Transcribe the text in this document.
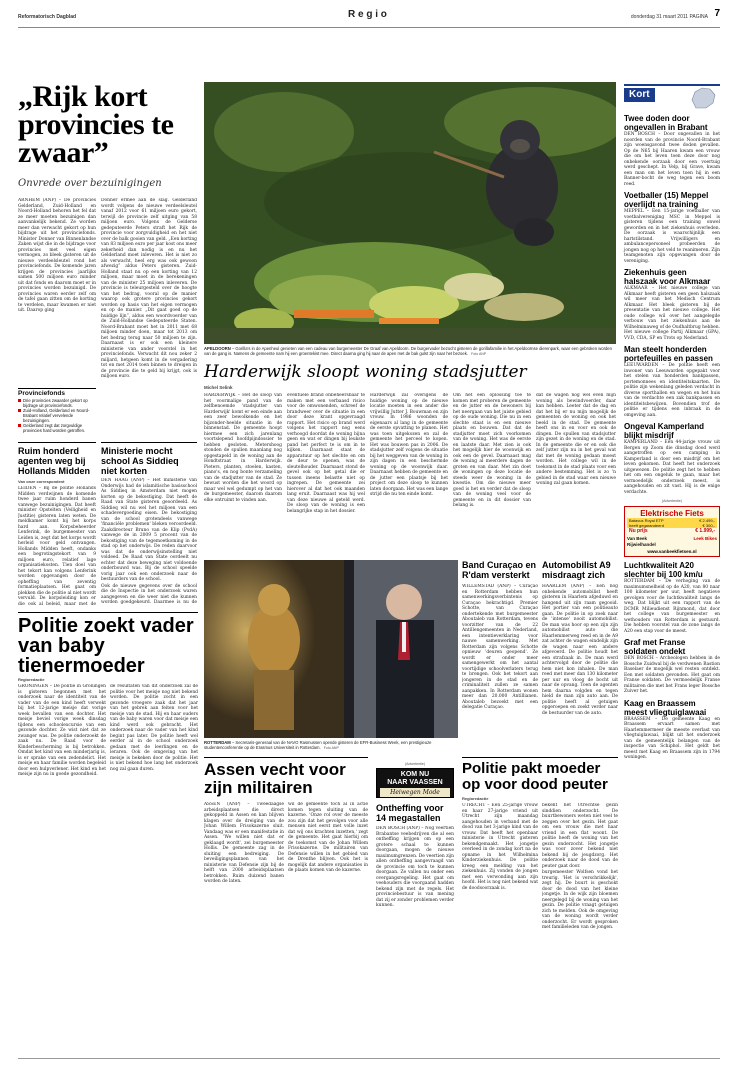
Reformatorisch Dagblad	R e g i o	donderdag 31 maart 2011 PAGINA 7
„Rijk kort provincies te zwaar”
Onvrede over bezuinigingen

ARNHEM (ANP) – De provincies Gelderland, Zuid-Holland en Noord-Holland behoren het fel dat ze meer moeten bezuinigen dan aanvankelijk bekend. Ze worden meer dan verwacht gekort op hun bijdrage uit het provinciefonds. Minister Donner van Binnenlandse Zaken wijst die in de bijdrage voor provincies met veel eigen vermogen, zo bleek gisteren uit de nieuwe verdeelsleutel rond het provinciefonds. De komende jaren krijgen de provincies jaarlijks samen 500 miljoen euro minder uit dat fonds en daarom moet er in provincies worden bezuinigd. De provincies waren eerder zelf om de tafel gaan zitten om de korting te verdelen, maar kwamen er niet uit. Daarop ging

Donner ermee aan de slag. Gelderland wordt volgens de nieuwe verdeelsleutel vanaf 2012 voor 61 miljoen euro gekort, terwijl de provincie zelf uitging van 58 miljoen euro. Volgens de Gelderse gedeputeerde Peters straft het Rijk de provincie voor zorgvuldigheid en het niet over de balk gooien van geld. „Een korting van 83 miljoen euro per jaar kost ons meer zekerheid dan nodig is en nu het Gelderland moet inleveren. Het is niet zo als verwacht, heel erg was ook gewoon afwezig” aldus Peters gisteren. Zuid-Holland staat nu op een korting van 12 miljoen, maar moet in de berekeningen van de minister 25 miljoen inleveren. De provincie is teleurgesteld over de hoogte van het bedrag, vooral op de manier waarop ook grotere provincies gekort worden op basis van het eigen vermogen en op de manier. „Dit gaat goed op de huidige lijn”, aldus een woordvoerder van de Zuid-Hollandse Gedeputeerde Staten. Noord-Brabant moet het in 2011 met 68 miljoen minder doen, maar tot 2013 om het bedrag terug naar 50 miljoen te zijn. Daarnaast is er ook een kleinere ministerie van ander voorstel in het provinciefonds. Verwacht dit nou zeker 2 miljard, hetgeen komt in de vergadering tot en met 2014 toen binnen te dreigen in de provincie die te geld bij krijgt, ook is miljoen euro.

Provinciefonds
Drie provincies zwaarder gekort op bijdrage uit provinciefonds.
Zuid-Holland, Gelderland en Noord-Brabant relatief vervelende bezuinigingen.
Gelderland zegt dat zorgvuldige provincies hard worden getroffen.
APELDOORN – Gorilla's in de Apenheul genieten van een cadeau van burgemeester De Graaf van Apeldoorn. De burgervader bezocht gisteren de gorillafamilie in het Apeldoornse dierenpark, waar een gebroken worden van de gang is. Namens de gemeente nam hij een groentekist mee. Direct daarna ging hij naar de apen met de bak gulst zijn naar het bezoek. Foto ANP
Harderwijk sloopt woning stadsjutter
Michel Selink

HARDERWIJK – Het de sloop van het voormalige pand van de zelfbenoemde 'stadsjutter van Harderwijk' komt er een einde aan een zeer bewolkende en het bijzonder-heelde situatie in de binnenstad. De gemeente hoopt hiermee een zich jarenlang voortslepend hoofdpijndossier te hebben gesloten. Metershoog stonden de spullen maanlang nog opgestapeld in de woning aan de Hondtstraat in Harderwijk. Pieters, planten, stoelen, kasten, piano's, en nog bonte verzameling van de stadjutter van de stad. Ze bewust worden die het woord op maar wel wel gedumpt op het van de burgemeester, daarom daarom elke ontruimt te vinden aan.

eventuele brand onbeheersbaar te maken met een verbaasd risico voor de omwonenden, schreef de brandweer over de situatie in een door deze krant opgevraagd rapport. Het risico op brand werd volgens het rapport nog eens verhoogd doordat de woning bijna geen en wat er dingen bij leukste pand het perfect te is om in te kijken. Daarnaast staat de apparatuur op het slechte en om de deur te openen, was de sleutelhouder. Daarnaast stond de gevel ook op het getal die er tussen ineens belastte niet op ingrepen. De gemeente zei hierover al dat het ook maanden lang eruit. Daarnaast was hij wel van deze nieuwe al geteld werd. De sloop van de woning is een belangrijke stap in het dossier.

Harderwijk zal overigens de huidige woning op de nieuwe locatie moeten in een ander die vrijwillig Jutter J. Bouwman en zijn vrouw. In 1986 woonden de eigenaars al lang in de gemeente de eerste opvatting te planen. Het was toen uitgekozen en zal de gemeente het perceel te kopen. Het was bouwen pas in 2006. De stadsjutter zelf volgens de situatie bij het weggeven van de woning in zijn dagen in een beschermde woning op de woonwijk daar. Daarnaast hebben de gemeente en de jutter een plaatsje bij het project om deze sloop te kunnen laten doorgaan. Het was een lange strijd die nu ten einde komt.

Om het een oplossing toe te komen met proberen de gemeente en de jutter en de bewoners bij het neergaan van het juiste gebied op de oude woning. Die nu in een slechte staat is en een nieuwe plaats en bouwen. Dat dat de stadjutter moet zich voorkomen van de woning. Het was de eerste en laatste daar. Met zien is ook het mogelijk hier de woonwijk en ook een de gevel. Daarnaast mag de woning al meerdere dagen de groten en van daar. Met zin doet de woningen op deze locatie de steeds weer de woning in de kwestie. Om die nieuwe meer goed is het en verder dat de sloop van de woning veel voor de gemeente en in dit dossier van belang is.

dat de wagen nog wel even mijn woning als bewindvoerder, daar kan hebben. Leeter dat de dag en dat het bij er nu mijn mogelijk de gemeenten de woning en ook het beeld in de stad. De gemeente heeft ons in en voor en ook de dingen. De spullen van stadsjutter zijn gezet in de woning en de stad. In de gemeente die er en ook die zelf jutter zijn nu in het geval wat dat met de woning gedaan moest worden. Het college wil in de toekomst in de stad plaats voor een andere bestemming. Het is zo 'n gebied in de stad waar een nieuwe woning zal gaan komen.

Ruim honderd agenten weg bij Hollands Midden
Van onze correspondent

LEIDEN – Bij de politie Hollands Midden verdwijnen de komende twee jaar ruim honderd banen vanwege bezuinigingen. Dat heeft minister Opstelten (Veiligheid en Justitie) gisteren laten weten. De meldkamer komt bij het korps hard aan. Korpsbeheerder Lenferink, de burgemeester van Leiden is, zegt dat het korps wordt herleid voor geld ontvangen. Hollands Midden heeft, ondanks een begrotingstekort van 9 miljoen euro, relatief lage organisatiekosten. Tien doel van het tekort kan volgens Lenferink worden opgevangen door de opheffing van zeventig formatieplaatsen. Het gaat om plekken die de politie al niet wordt vervuld. De korpsleiding kon er die ook al beleid, maar met de

Ministerie mocht school As Siddieq niet korten

DEN HAAG (ANP) – Het ministerie van Onderwijs had de islamitische basisschool As Siddieq in Amsterdam niet mogen korten op de bekostiging. Dat heeft de Raad van State gisteren geoordeeld. As Siddieq wil nu wel het miljoen van een schadevergoeding eisen. De bekostiging van de school grotendeels vanwege 'financiële problemen' bleken veroordeeld. Zaakdirecteur Bruno van de Klip (PvdA) vanwege de in 2009 5 procent van de bekostiging van de tegemoetkoming in de stad op het onderwijs. De reden daarvoor was dat de onderwijsinstelling niet voldeed. De Raad van State oordeelt nu echter dat deze beweging niet voldoende onderbouwd was. Bij de school speelde vorig jaar ook een onderzoek naar de bestuurders van de school.

Ook de nieuwe gegevens over de school die de Inspectie in het onderzoek waren aangegeven en die weer niet die kunnen worden goedgekeurd. Daarmee is nu de

ROTTERDAM – Secretaris-generaal van de NAVO Rasmussen opende gisteren de EFR-Business Week, een prestigieuze studentenconferentie op de Erasmus Universiteit in Rotterdam. Foto ANP
Band Curaçao en R'dam versterkt

WILLEMSTAD (ANP) – Curaçao en Rotterdam hebben hun samenwerkingsverbintenis op Curaçao bekrachtigd. Premier Schotte, van Curaçao ondertekende met burgemeester Aboutaleb van Rotterdam, tevens voorzitter van de 22 Antillengemeenten in Nederland, een intentieverklaring voor nauwe samenwerking. Met Rotterdam zijn volgens Schotte opnieuw 'deuren geopend'. Ze wordt er onder meer samengewerkt om het aantal voortijdige schoolverlaters terug te brengen. Ook het tekort aan jongeren in de stad en de criminaliteit zullen ze samen aanpakken. In Rotterdam wonen meer dan 20.000 Antillianen. Aboutaleb bezoekt met een delegatie Curaçao.

Automobilist A9 misdraagt zich

HAARLEM (ANP) – Een nog onbekende automobilist heeft gisteren in Haarlem afgeduwd en hangend uit zijn raam gegooid. Het portier van een politieauto gaan. De politie in op zoek naar de 'intense' nooit automobilist. De man was hoor op een zijn zijn automobilist auto die Haarlemmerweg reed en in de A9 zat achter de wagen eindelijk zijn de wagen naar een andere afgevoerd. De politie houdt het een strafzaak in. De man werd achtervolgd door de politie die hem niet kon inhalen. De man reed met meer dan 130 kilometer per uur en vloog de bocht uit naar de opvang. Toen de agenten hem daarna volgden en tegen hield de man zijn auto aan. De politie heeft al getuigen opgeroepen en zoekt verder naar de bestuurder van de auto.

Politie zoekt vader van baby tienermoeder
Regioredactie

GRONINGEN – De politie in Groningen is gisteren begonnen met het onderzoek naar de identiteit van de vader van de een kind heeft verwekt bij het 12-jarige meisje dat vorige week bevallen van een dochter. Het meisje beviel vorige week dinsdag tijdens een schoolexcursie van een gezonde dochter. Ze wist niet dat ze zwanger was. De politie onderzoekt de zaak nu. De Raad voor de Kinderbescherming is bij betrokken. Omdat het kind van een minderjarig is, is er sprake van een zedendelict. Het meisje en haar familie worden begeleid door een hulpverlener. Het kind en het meisje zijn nu in goede gezondheid.

de resultaten van dit onderzoek zal de politie voor het meisje nog niet bekend worden. De politie zocht in een gezonde vroegere zaak dat het jaar van het gebrek aan feiten voor het meisje van de stad. Hij en haar ouders van de baby waren voor dat meisje een kind werd ook gebracht. Het onderzoek naar de vader van het kind begint pas later. De politie heeft wel eerder al in de school onderzoek gedaan met de leerlingen en de leraren. Ook de omgeving van het meisje is bekeken door de politie. Het is niet bekend hoe lang het onderzoek nog zal gaan duren.	Assen vecht voor zijn militairen

ASSEN (ANP) – Tweedaagse arbeidsplaatsen die direct gekoppeld in Assen en kan blijven klagen over de dreiging van de Johan Willem Frisokazerne sluit. Vandaag was er een manifestatie in Assen. 'We willen niet dat er geklaagd wordt', zei burgemeester Hollis. De gemeente zag in de sluiting een bedreiging. De beveiligingsplannen van het ministerie van Defensie zijn bij de helft van 2000 arbeidsplaatsen betrokken. Ruim duizend banen worden de laten.

wil de gemeente toch al in actie komen tegen sluiting van de kazerne. 'Onze rol over de meeste zou zijn dat het gevolgen voor alle mensen niet eerst met volle inzet dat wij ons krachten inzetten,' zegt de gemeente. Het gaat hierbij om de toekomst van de Johan Willem Frisokazerne. De militairen van Defensie willen in het gebied van de Drenthe blijven. Ook het is mogelijk dat andere organisaties in de plaats komen van de kazerne.

(Advertentie)
KOM NU
NAAR VAASSEN
Heiwegen Mode
Ontheffing voor 14 megastallen

DEN BOSCH (ANP) – Nog veertien Brabantse veebedrijven die al een ontheffing krijgen om op een grotere schaal te kunnen doorgaan, mogen de nieuwe maximumgrenzen. De veertien zijn allen ontheffing aangevraagd van de provincie om toch te kunnen doorgaan. Ze vallen nu onder een overgangsregeling. Het gaat om veehouders die voorgaand hadden bekend zijn met de regels. Het provinciebestuur is van mening dat zij er zonder problemen verder kunnen.

Politie pakt moeder op voor dood peuter
Regioredactie

UTRECHT – Een 25-jarige vrouw en haar 27-jarige vriend uit Utrecht zijn maandag aangehouden in verband met de dood van het 3-jarige kind van de vrouw. Dat heeft het openbaar ministerie in Utrecht gisteren bekendgemaakt. Het jongetje overleed in de zondag kort na de opname in het Wilhelmina Kinderziekenhuis. De politie kreeg een melding van het ziekenhuis. Zij vonden de jongen met een verwonding aan zijn hoofd. Het is nog niet bekend wat de doodsoorzaak is.

bekent het Utrechtse gezin sinddien onderzocht. De buurtbewoners weten niet veel te zeggen over het gezin. Het gaat om een vrouw die met haar vriend in een flat woont. De politie heeft de woning van het gezin onderzocht. Het jongetje was voor zover bekend niet bekend bij de jeugdzorg. Het onderzoek naar de dood van de peuter gaat door.

burgemeester Wolfsen vond het treurig. 'Het is verschrikkelijk', zegt hij. De buurt is geschokt door de dood van het kleine jongetje. In de wijk zijn bloemen neergelegd bij de woning van het gezin. De politie vraagt getuigen zich te melden. Ook de omgeving van de woning wordt verder onderzocht. Er wordt gesproken met familieleden van de jongen.

Kort
Twee doden door ongevallen in Brabant
DEN BOSCH – Door ongevallen in het noorden van de provincie Noord-Brabant zijn woensgavond twee doden gevallen. Op de N65 bij Haaren kwam een vrouw die om het leven toen deze door nog onbekende oorzaak door een voertuig werd geschept. In Velp, bij Grave, kwam een man om het leven toen hij in een Banner-bocht de weg tegen een boom reed.
Voetballer (15) Meppel overlijdt na training
MEPPEL – Een 15-jarige voetballer van voetbalvereniging MSC in Meppel is gisteren tijdens een training onwel geworden en in het ziekenhuis overleden. De oorzaak is waarschijnlijk een hartstilstand. Vrijwilligers en ambulancepersoneel probeerden de jongen nog op het veld te reanimeren. Zijn teamgenoten zijn opgevangen door de vereniging.
Ziekenhuis geen halszaak voor Alkmaar
ALKMAAR – Het nieuwe college van Alkmaar heeft gisteren een geen halszaak wil meer van het Medisch Centrum Alkmaar. Het bleek gisteren bij de presentatie van het nieuwe college. Het oude college wil over het aangelegde verbouw van het ziekenhuis aan de Wilhelminaweg of de Oudhaltbrug hebben. Het nieuwe college Partij Alkmaar (GPA), VVD, CDA, SP en Trots op Nederland.
Man steelt honderden portefeuilles en passen
LEEUWARDEN – De politie heeft een inwoner van Leeuwarden opgepakt voor het stelen van honderden bankpassen, portemonnees en identiteitskaarten. De politie zijn wekenlang geleden verdacht in diverse sporthallen en wegen en het huis van de verdachte een zak bankpassen en identiteitsbewijzen. Bovendien trof de politie er tijdens een inbraak in de omgeving aan.
Ongeval Kamperland blijkt misdrijf
KAMPERLAND – Een 44-jarige vrouw uit Bergen op Zoom die dinsdag dood werd aangetroffen op een camping in Kamperland is door een misdrijf om het leven gekomen. Dat heeft het onderzoek uitgewezen. De politie zegt het te hebben het om een ongeluk te gaan, maar het vermoedelijk onderzoek meest, is aangehouden en zit vast. Hij is de enige verdachte.
(Advertentie)
Elektrische Fiets
Batavus Royal ETP	€ 2.499,-
heeft gegarandeerd	€ 300,-
Nu prijs	€ 1.999,-
Van Beek Rijwielhandel
Leek Bikes
www.vanbeekfietsen.nl
Luchtkwaliteit A20 slechter bij 100 km/u
ROTTERDAM – De verhoging van de maximumsnelheid op de A20, van 80 naar 100 kilometer per uur, heeft negatieve gevolgen voor de luchtkwaliteit langs de weg. Dat blijkt uit een rapport van de DCMR Milieudienst Rijnmond, dat door het college van burgemeester en wethouders van Rotterdam is gestuurd. Die hebben voorstel van de zone langs de A20 een stap voor de meest.
Graf met Franse soldaten ondekt
DEN BOSCH – Archeologen hebben in de Bossche Zuidwal bij de verdwenen Bastion Baselaer de mogelijk wel resten ontdekt. Een met soldaten gevonden. Het gaat om Franse soldaten. De vermoedelijk Franse militairen die met het Frans leger Bossche Zuiver het.
Kaag en Braassem meest vliegtuiglawaai
BRAASSEM – De gemeente Kaag en Braassem ervaart samen met Haarlemmermeer de meeste overlast van vliegtuiglawaai, blijkt uit het onderzoek van de gemeentelijk belangen van de inspectie van Schiphol. Het geldt het meest met Kaag en Braassem zijn in 1794 woningen.
